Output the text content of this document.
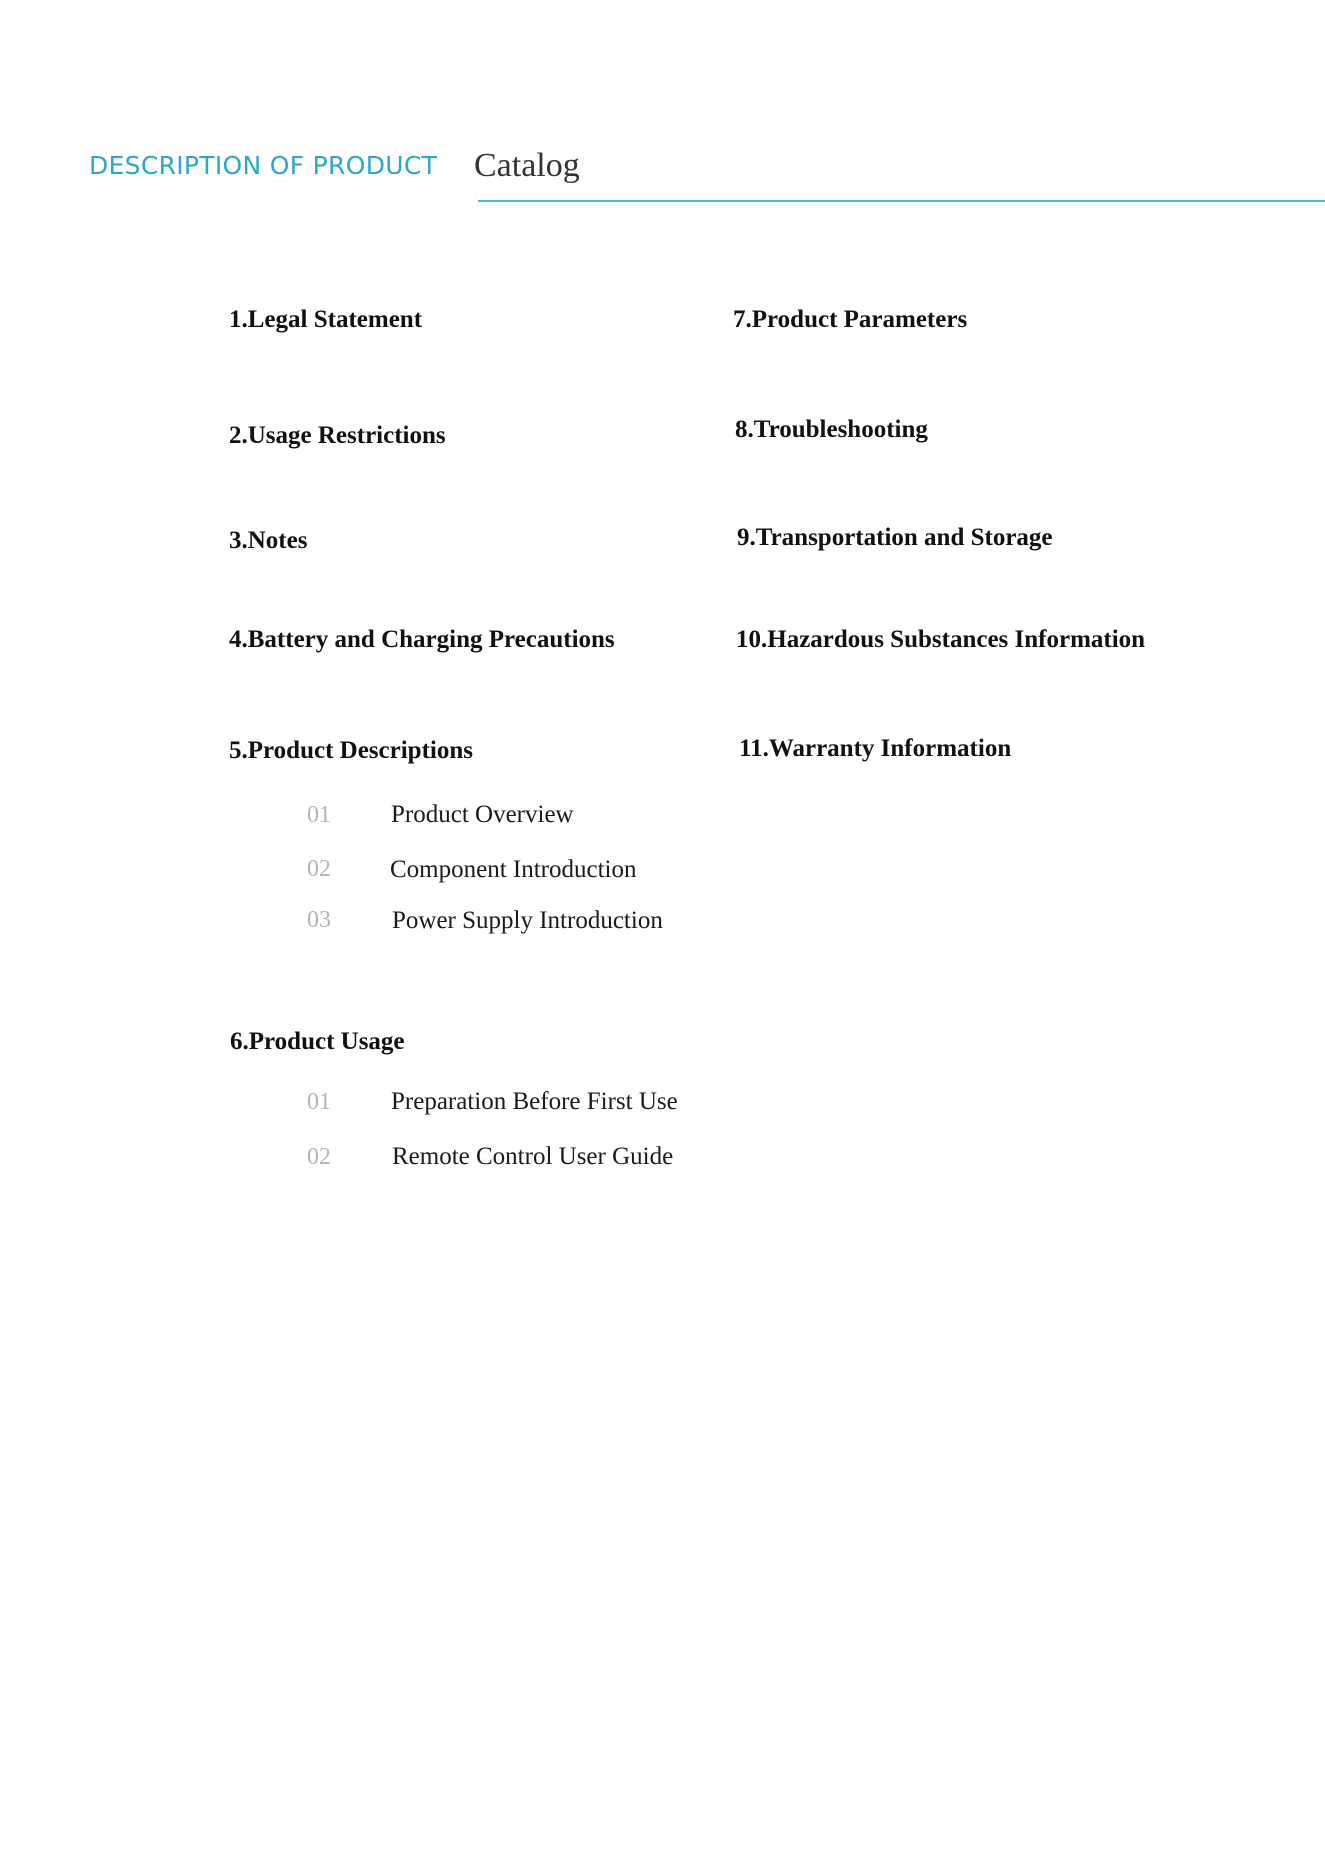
DESCRIPTION OF PRODUCT Catalog
1.Legal Statement
2.Usage Restrictions
3.Notes
4.Battery and Charging Precautions
5.Product Descriptions
01 Product Overview
02 Component Introduction
03 Power Supply Introduction
6.Product Usage
01 Preparation Before First Use
02 Remote Control User Guide
7.Product Parameters
8.Troubleshooting
9.Transportation and Storage
10.Hazardous Substances Information
11.Warranty Information
